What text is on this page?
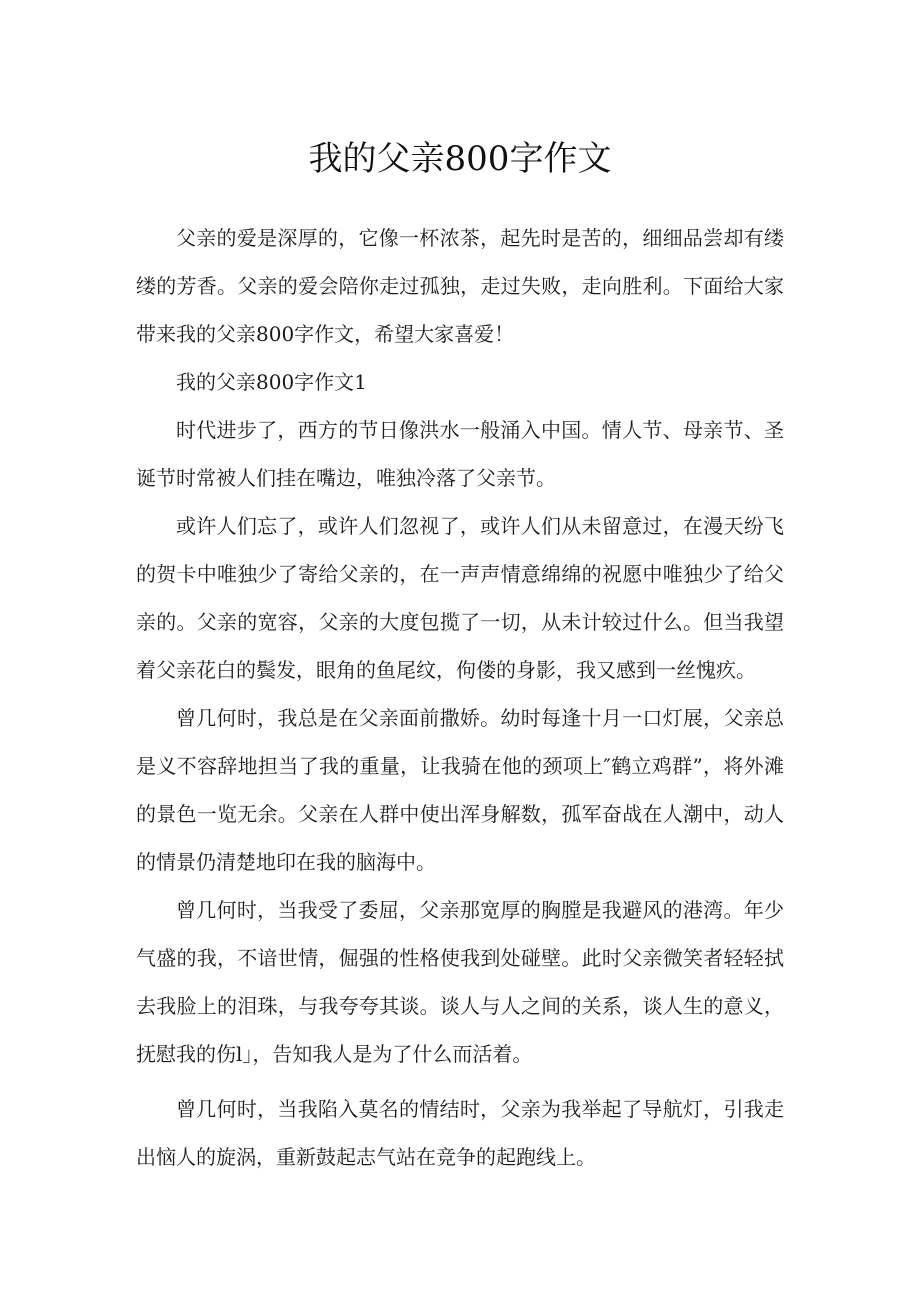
我的父亲800字作文

父亲的爱是深厚的，它像一杯浓茶，起先时是苦的，细细品尝却有缕缕的芳香。父亲的爱会陪你走过孤独，走过失败，走向胜利。下面给大家带来我的父亲800字作文，希望大家喜爱！

我的父亲800字作文1

时代进步了，西方的节日像洪水一般涌入中国。情人节、母亲节、圣诞节时常被人们挂在嘴边，唯独冷落了父亲节。

或许人们忘了，或许人们忽视了，或许人们从未留意过，在漫天纷飞的贺卡中唯独少了寄给父亲的，在一声声情意绵绵的祝愿中唯独少了给父亲的。父亲的宽容，父亲的大度包揽了一切，从未计较过什么。但当我望着父亲花白的鬓发，眼角的鱼尾纹，佝偻的身影，我又感到一丝愧疚。

曾几何时，我总是在父亲面前撒娇。幼时每逢十月一口灯展，父亲总是义不容辞地担当了我的重量，让我骑在他的颈项上″鹤立鸡群”，将外滩的景色一览无余。父亲在人群中使出浑身解数，孤军奋战在人潮中，动人的情景仍清楚地印在我的脑海中。

曾几何时，当我受了委屈，父亲那宽厚的胸膛是我避风的港湾。年少气盛的我，不谙世情，倔强的性格使我到处碰壁。此时父亲微笑者轻轻拭去我脸上的泪珠，与我夸夸其谈。谈人与人之间的关系，谈人生的意义，抚慰我的伤l」，告知我人是为了什么而活着。

曾几何时，当我陷入莫名的情结时，父亲为我举起了导航灯，引我走出恼人的旋涡，重新鼓起志气站在竞争的起跑线上。
